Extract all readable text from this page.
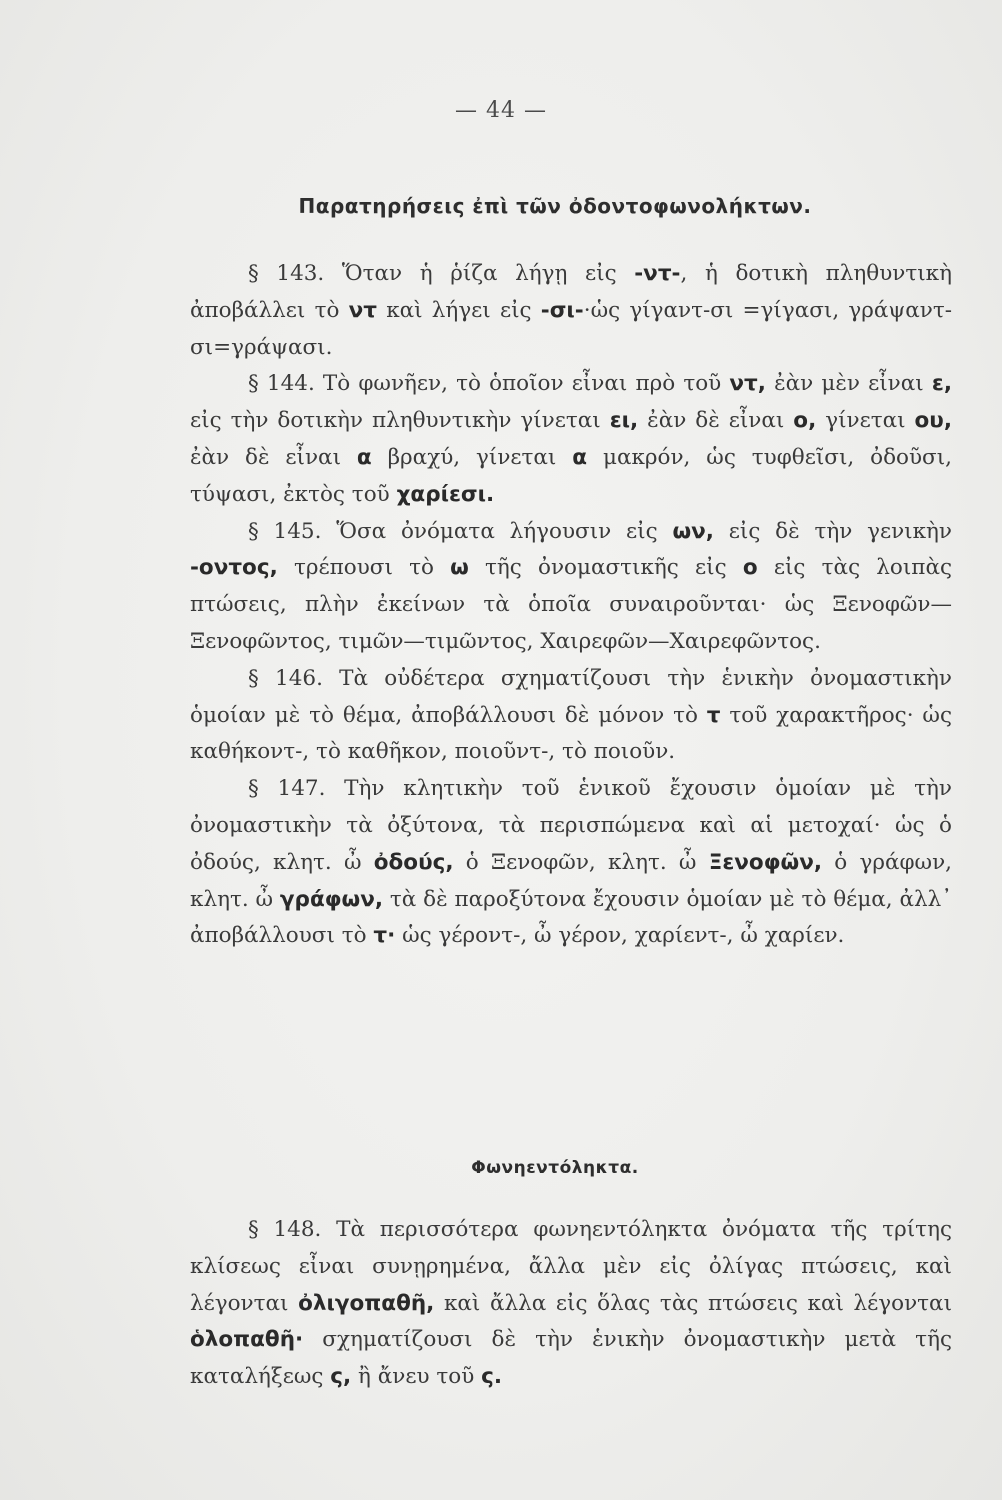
— 44 —
Παρατηρήσεις ἐπὶ τῶν ὀδοντοφωνολήκτων.

§ 143. Ὅταν ἡ ῥίζα λήγῃ εἰς -ντ-, ἡ δοτικὴ πληθυντικὴ ἀποβάλλει τὸ ντ καὶ λήγει εἰς -σι-·ὡς γίγαντ-σι =γίγασι, γράψαντ-σι=γράψασι.

§ 144. Τὸ φωνῆεν, τὸ ὁποῖον εἶναι πρὸ τοῦ ντ, ἐὰν μὲν εἶναι ε, εἰς τὴν δοτικὴν πληθυντικὴν γίνεται ει, ἐὰν δὲ εἶναι ο, γίνεται ου, ἐὰν δὲ εἶναι α βραχύ, γίνεται α μακρόν, ὡς τυφθεῖσι, ὀδοῦσι, τύψασι, ἐκτὸς τοῦ χαρίεσι.

§ 145. Ὅσα ὀνόματα λήγουσιν εἰς ων, εἰς δὲ τὴν γενικὴν -οντος, τρέπουσι τὸ ω τῆς ὀνομαστικῆς εἰς ο εἰς τὰς λοιπὰς πτώσεις, πλὴν ἐκείνων τὰ ὁποῖα συναιροῦνται· ὡς Ξενοφῶν—Ξενοφῶντος, τιμῶν—τιμῶντος, Χαιρεφῶν—Χαιρεφῶντος.

§ 146. Τὰ οὐδέτερα σχηματίζουσι τὴν ἑνικὴν ὀνομαστικὴν ὁμοίαν μὲ τὸ θέμα, ἀποβάλλουσι δὲ μόνον τὸ τ τοῦ χαρακτῆρος· ὡς καθήκοντ-, τὸ καθῆκον, ποιοῦντ-, τὸ ποιοῦν.

§ 147. Τὴν κλητικὴν τοῦ ἑνικοῦ ἔχουσιν ὁμοίαν μὲ τὴν ὀνομαστικὴν τὰ ὀξύτονα, τὰ περισπώμενα καὶ αἱ μετοχαί· ὡς ὁ ὀδούς, κλητ. ὦ ὀδούς, ὁ Ξενοφῶν, κλητ. ὦ Ξενοφῶν, ὁ γράφων, κλητ. ὦ γράφων, τὰ δὲ παροξύτονα ἔχουσιν ὁμοίαν μὲ τὸ θέμα, ἀλλ᾽ ἀποβάλλουσι τὸ τ· ὡς γέροντ-, ὦ γέρον, χαρίεντ-, ὦ χαρίεν.

Φωνηεντόληκτα.

§ 148. Τὰ περισσότερα φωνηεντόληκτα ὀνόματα τῆς τρίτης κλίσεως εἶναι συνῃρημένα, ἄλλα μὲν εἰς ὀλίγας πτώσεις, καὶ λέγονται ὀλιγοπαθῆ, καὶ ἄλλα εἰς ὅλας τὰς πτώσεις καὶ λέγονται ὁλοπαθῆ· σχηματίζουσι δὲ τὴν ἑνικὴν ὀνομαστικὴν μετὰ τῆς καταλήξεως ς, ἢ ἄνευ τοῦ ς.
